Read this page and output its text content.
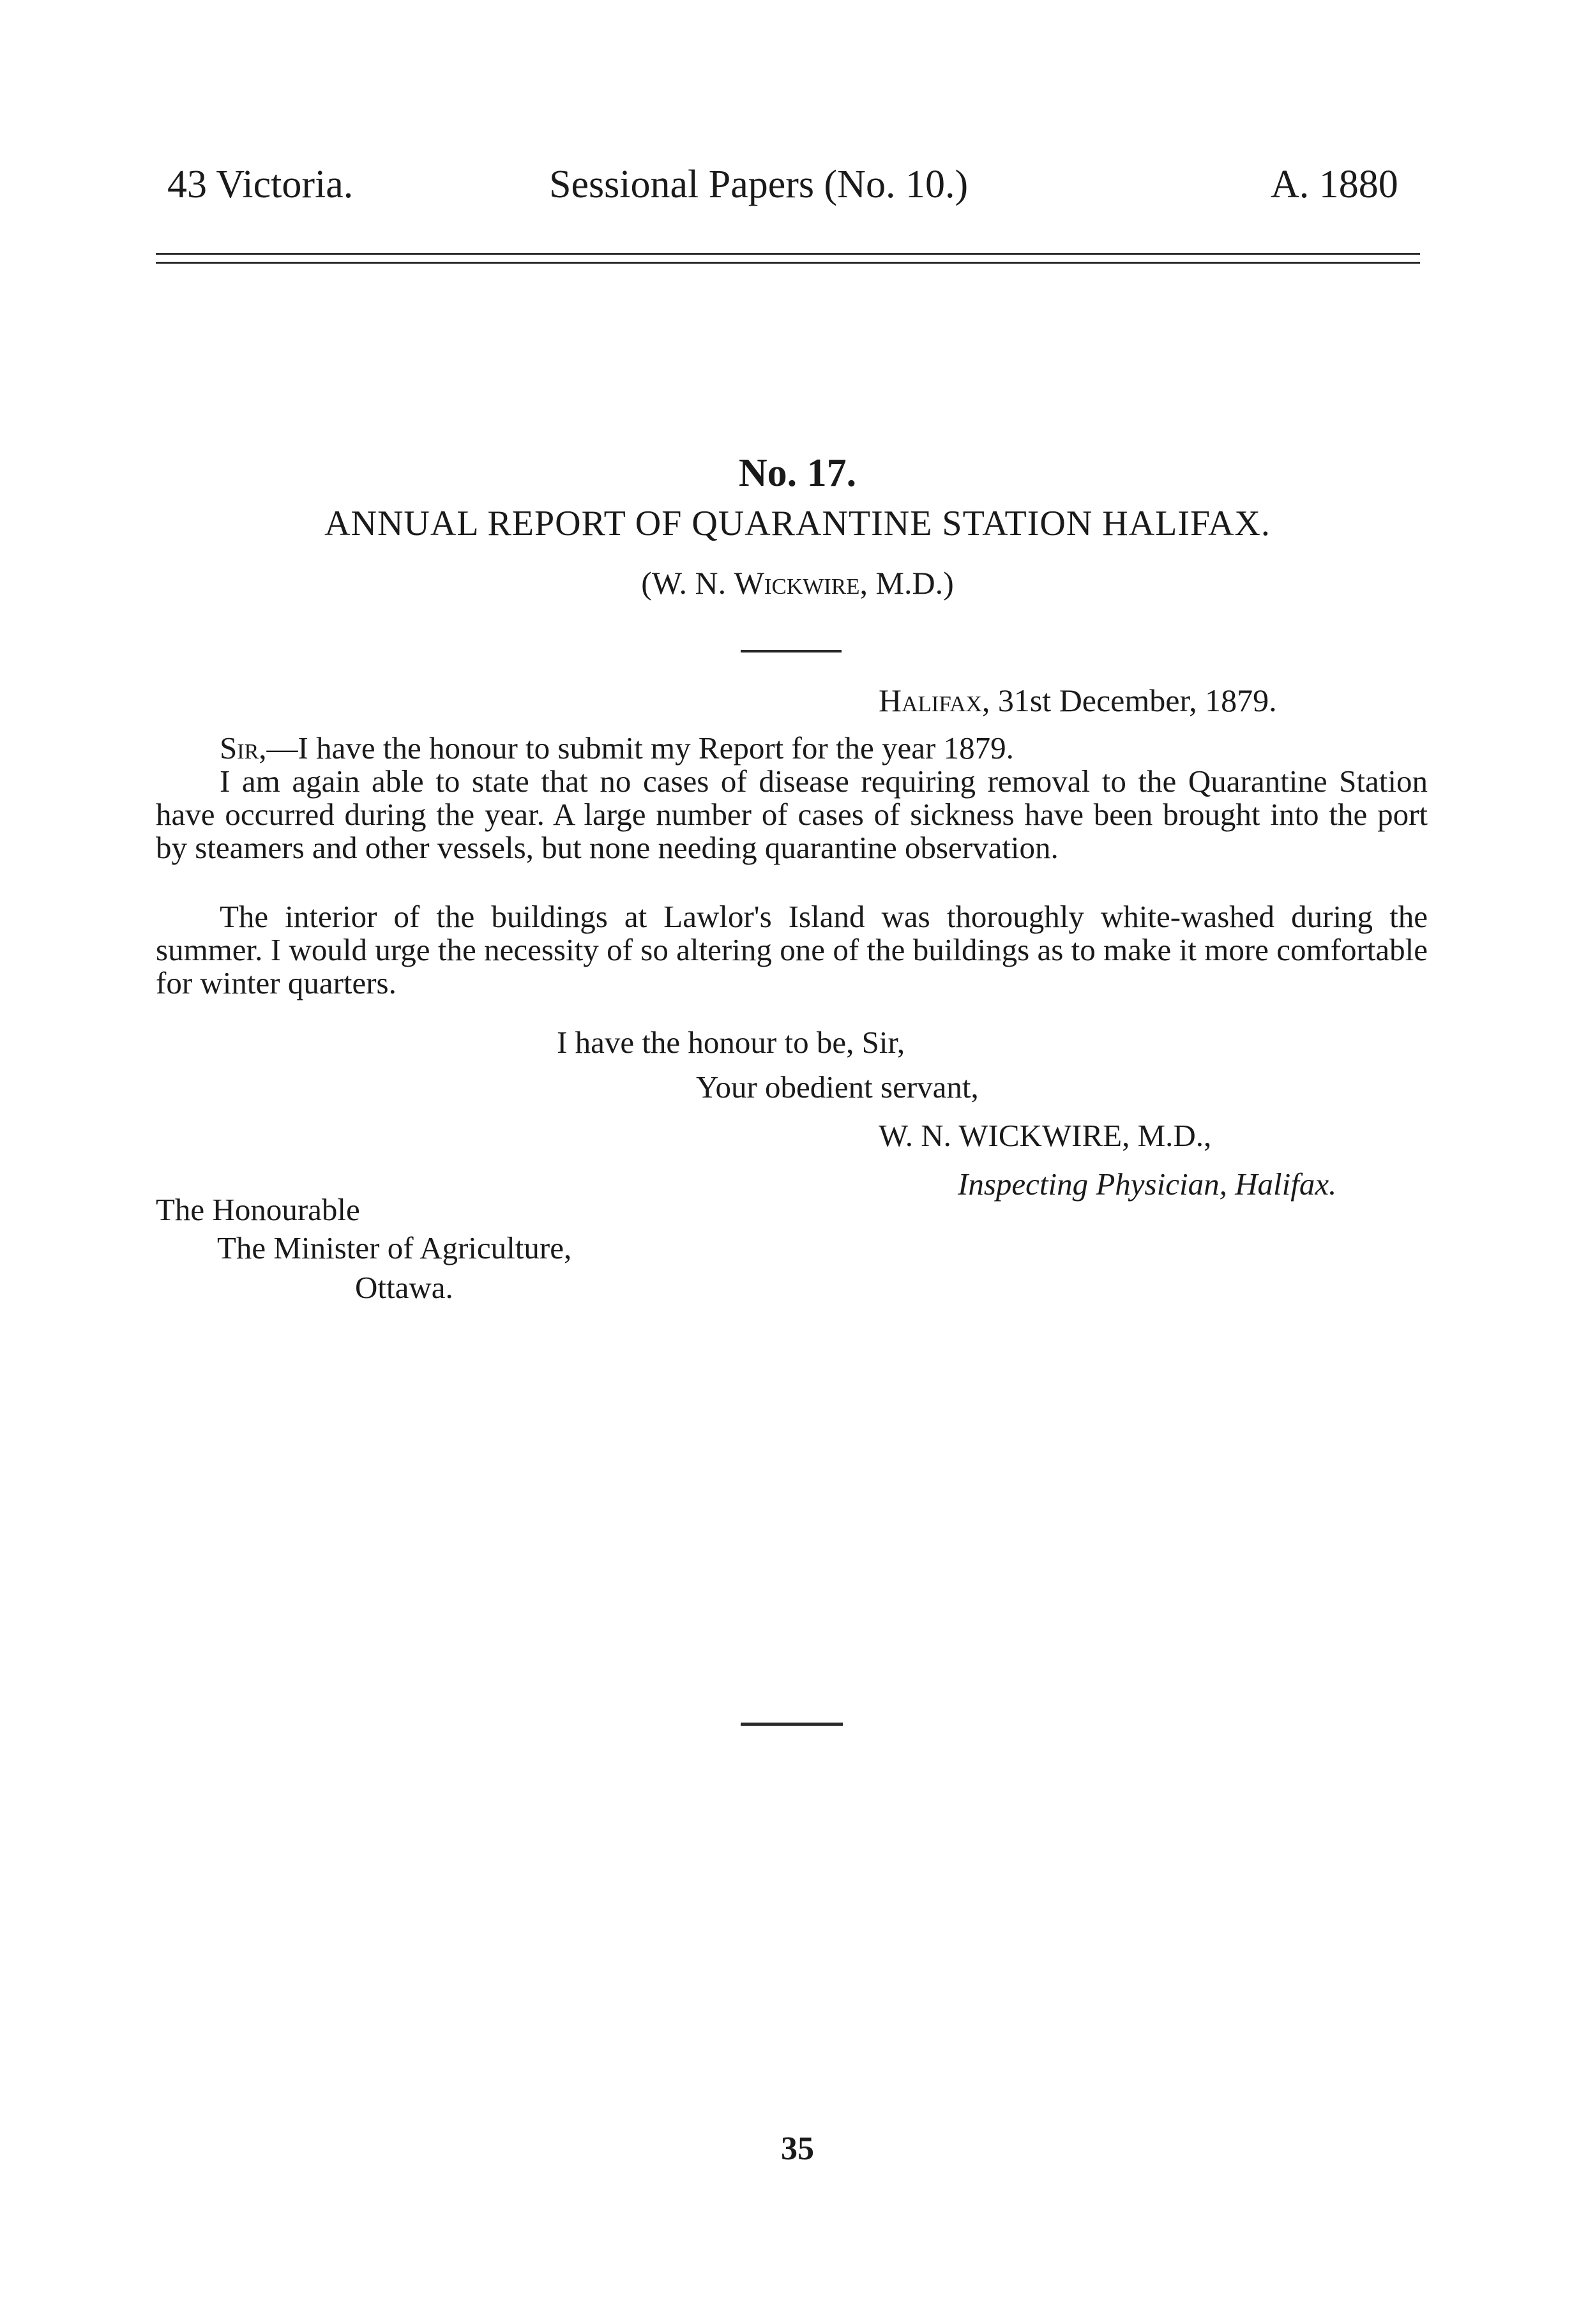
43 Victoria.	Sessional Papers (No. 10.)	A. 1880
No. 17.
ANNUAL REPORT OF QUARANTINE STATION HALIFAX.
(W. N. Wickwire, M.D.)
Halifax, 31st December, 1879.

Sir,—I have the honour to submit my Report for the year 1879.

I am again able to state that no cases of disease requiring removal to the Quarantine Station have occurred during the year. A large number of cases of sickness have been brought into the port by steamers and other vessels, but none needing quarantine observation.

The interior of the buildings at Lawlor's Island was thoroughly white-washed during the summer. I would urge the necessity of so altering one of the buildings as to make it more comfortable for winter quarters.

I have the honour to be, Sir,
Your obedient servant,
W. N. WICKWIRE, M.D.,
Inspecting Physician, Halifax.
The Honourable
The Minister of Agriculture,
Ottawa.
35
